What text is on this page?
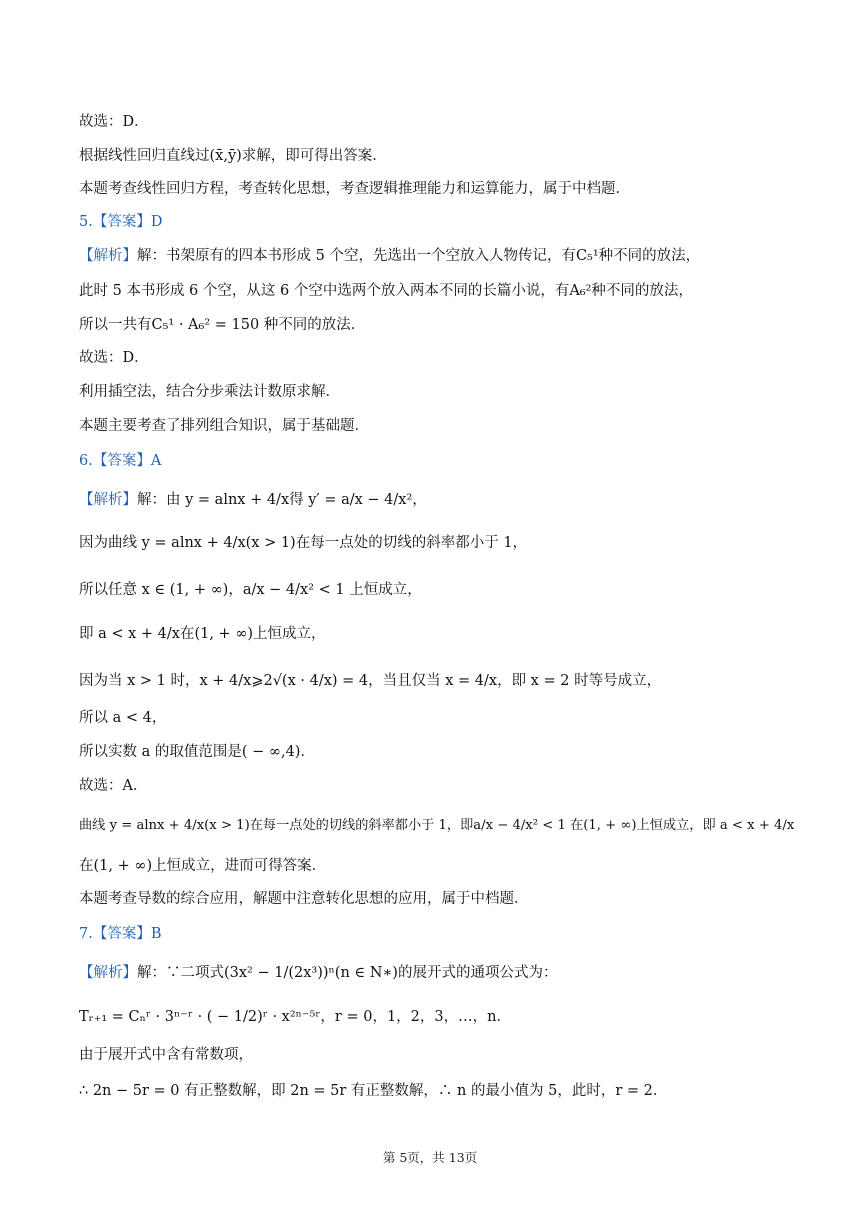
故选：D．
根据线性回归直线过(x̄,ȳ)求解，即可得出答案．
本题考查线性回归方程，考查转化思想，考查逻辑推理能力和运算能力，属于中档题．
5.【答案】D
【解析】解：书架原有的四本书形成 5 个空，先选出一个空放入人物传记，有C₅¹种不同的放法，
此时 5 本书形成 6 个空，从这 6 个空中选两个放入两本不同的长篇小说，有A₆²种不同的放法，
所以一共有C₅¹ · A₆² = 150 种不同的放法．
故选：D．
利用插空法，结合分步乘法计数原求解．
本题主要考查了排列组合知识，属于基础题．
6.【答案】A
【解析】解：由 y = alnx + 4/x得 y′ = a/x − 4/x²，
因为曲线 y = alnx + 4/x(x > 1)在每一点处的切线的斜率都小于 1，
所以任意 x ∈ (1, + ∞)，a/x − 4/x² < 1 上恒成立，
即 a < x + 4/x在(1, + ∞)上恒成立，
因为当 x > 1 时，x + 4/x⩾2√(x · 4/x) = 4，当且仅当 x = 4/x，即 x = 2 时等号成立，
所以 a < 4，
所以实数 a 的取值范围是( − ∞,4)．
故选：A．
曲线 y = alnx + 4/x(x > 1)在每一点处的切线的斜率都小于 1，即a/x − 4/x² < 1 在(1, + ∞)上恒成立，即 a < x + 4/x
在(1, + ∞)上恒成立，进而可得答案．
本题考查导数的综合应用，解题中注意转化思想的应用，属于中档题．
7.【答案】B
【解析】解：∵二项式(3x² − 1/(2x³))ⁿ(n ∈ N∗)的展开式的通项公式为：
Tᵣ₊₁ = Cₙʳ · 3ⁿ⁻ʳ · ( − 1/2)ʳ · x²ⁿ⁻⁵ʳ，r = 0，1，2，3，…，n．
由于展开式中含有常数项，
∴ 2n − 5r = 0 有正整数解，即 2n = 5r 有正整数解，∴ n 的最小值为 5，此时，r = 2．
第 5页，共 13页
